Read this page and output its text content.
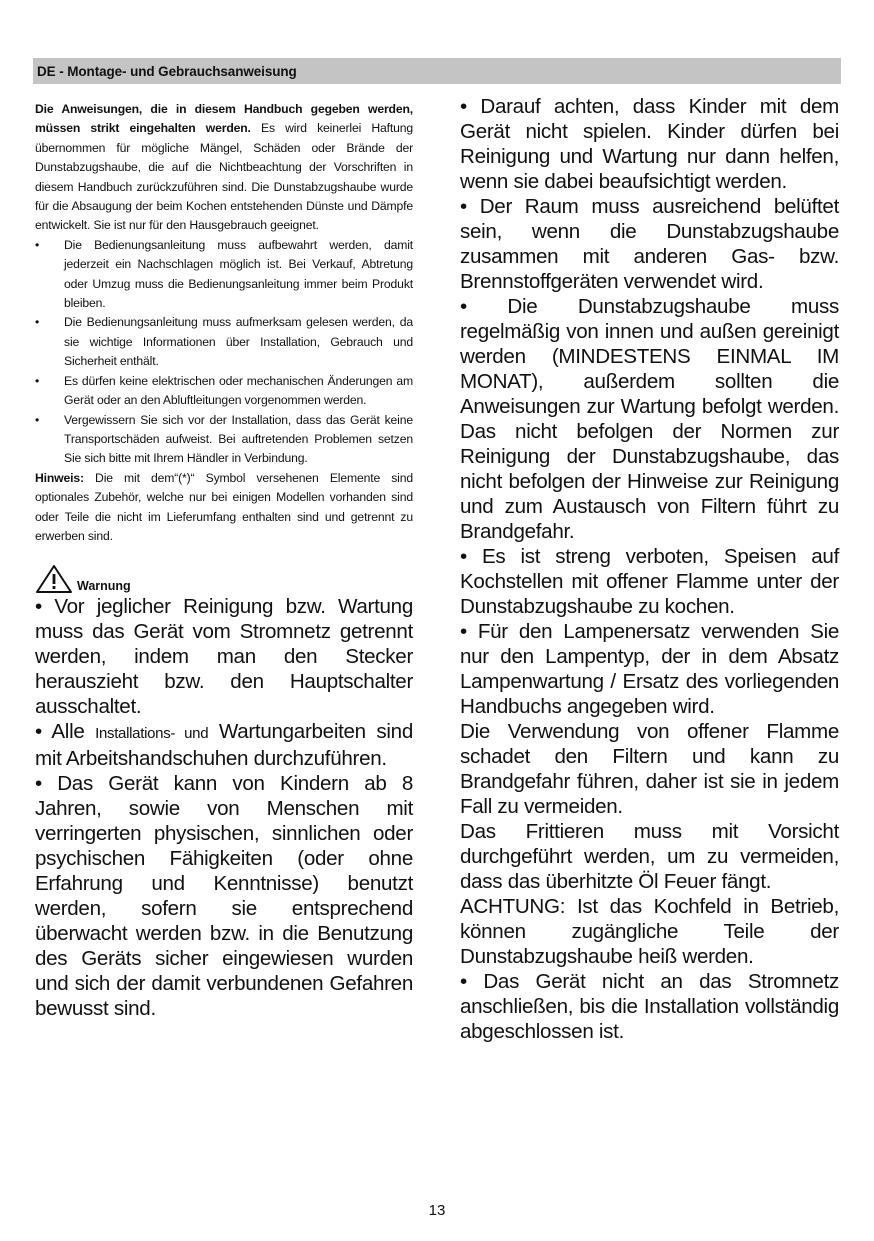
DE - Montage- und Gebrauchsanweisung

Die Anweisungen, die in diesem Handbuch gegeben werden, müssen strikt eingehalten werden. Es wird keinerlei Haftung übernommen für mögliche Mängel, Schäden oder Brände der Dunstabzugshaube, die auf die Nichtbeachtung der Vorschriften in diesem Handbuch zurückzuführen sind. Die Dunstabzugshaube wurde für die Absaugung der beim Kochen entstehenden Dünste und Dämpfe entwickelt. Sie ist nur für den Hausgebrauch geeignet.

• Die Bedienungsanleitung muss aufbewahrt werden, damit jederzeit ein Nachschlagen möglich ist. Bei Verkauf, Abtretung oder Umzug muss die Bedienungsanleitung immer beim Produkt bleiben.
• Die Bedienungsanleitung muss aufmerksam gelesen werden, da sie wichtige Informationen über Installation, Gebrauch und Sicherheit enthält.
• Es dürfen keine elektrischen oder mechanischen Änderungen am Gerät oder an den Abluftleitungen vorgenommen werden.
• Vergewissern Sie sich vor der Installation, dass das Gerät keine Transportschäden aufweist. Bei auftretenden Problemen setzen Sie sich bitte mit Ihrem Händler in Verbindung.

Hinweis: Die mit dem“(*)“ Symbol versehenen Elemente sind optionales Zubehör, welche nur bei einigen Modellen vorhanden sind oder Teile die nicht im Lieferumfang enthalten sind und getrennt zu erwerben sind.

Warnung

• Vor jeglicher Reinigung bzw. Wartung muss das Gerät vom Stromnetz getrennt werden, indem man den Stecker herauszieht bzw. den Hauptschalter ausschaltet.

• Alle Installations- und Wartungarbeiten sind mit Arbeitshandschuhen durchzuführen.

• Das Gerät kann von Kindern ab 8 Jahren, sowie von Menschen mit verringerten physischen, sinnlichen oder psychischen Fähigkeiten (oder ohne Erfahrung und Kenntnisse) benutzt werden, sofern sie entsprechend überwacht werden bzw. in die Benutzung des Geräts sicher eingewiesen wurden und sich der damit verbundenen Gefahren bewusst sind.

• Darauf achten, dass Kinder mit dem Gerät nicht spielen. Kinder dürfen bei Reinigung und Wartung nur dann helfen, wenn sie dabei beaufsichtigt werden.

• Der Raum muss ausreichend belüftet sein, wenn die Dunstabzugshaube zusammen mit anderen Gas- bzw. Brennstoffgeräten verwendet wird.

• Die Dunstabzugshaube muss regelmäßig von innen und außen gereinigt werden (MINDESTENS EINMAL IM MONAT), außerdem sollten die Anweisungen zur Wartung befolgt werden. Das nicht befolgen der Normen zur Reinigung der Dunstabzugshaube, das nicht befolgen der Hinweise zur Reinigung und zum Austausch von Filtern führt zu Brandgefahr.

• Es ist streng verboten, Speisen auf Kochstellen mit offener Flamme unter der Dunstabzugshaube zu kochen.

• Für den Lampenersatz verwenden Sie nur den Lampentyp, der in dem Absatz Lampenwartung / Ersatz des vorliegenden Handbuchs angegeben wird.

Die Verwendung von offener Flamme schadet den Filtern und kann zu Brandgefahr führen, daher ist sie in jedem Fall zu vermeiden.

Das Frittieren muss mit Vorsicht durchgeführt werden, um zu vermeiden, dass das überhitzte Öl Feuer fängt.

ACHTUNG: Ist das Kochfeld in Betrieb, können zugängliche Teile der Dunstabzugshaube heiß werden.

• Das Gerät nicht an das Stromnetz anschließen, bis die Installation vollständig abgeschlossen ist.

13
